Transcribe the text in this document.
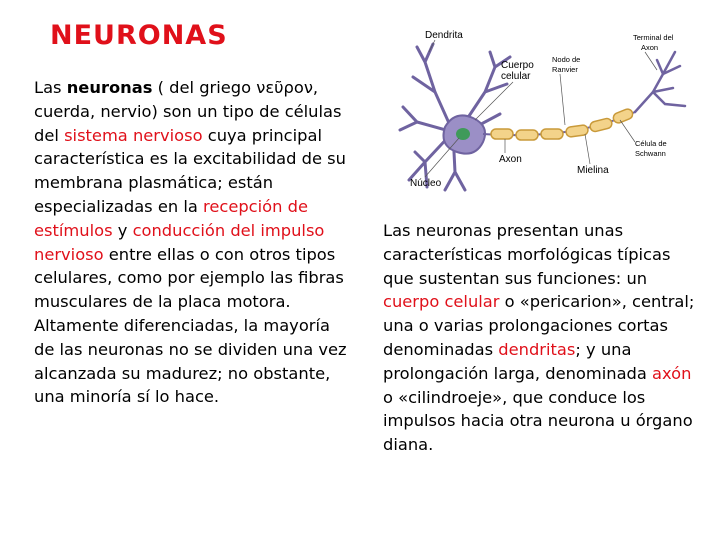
NEURONAS
Las neuronas ( del griego νεῦρον, cuerda, nervio) son un tipo de células del sistema nervioso cuya principal característica es la excitabilidad de su membrana plasmática; están especializadas en la recepción de estímulos y conducción del impulso nervioso entre ellas o con otros tipos celulares, como por ejemplo las fibras musculares de la placa motora.
Altamente diferenciadas, la mayoría de las neuronas no se dividen una vez alcanzada su madurez; no obstante, una minoría sí lo hace.
Las neuronas presentan unas características morfológicas típicas que sustentan sus funciones: un cuerpo celular o «pericarion», central; una o varias prolongaciones cortas denominadas dendritas; y una prolongación larga, denominada axón o «cilindroeje», que conduce los impulsos hacia otra neurona u órgano diana.
Dendrita
Cuerpo
celular
Nodo de
Ranvier
Terminal del
Axon
Axon
Núcleo
Mielina
Célula de
Schwann
